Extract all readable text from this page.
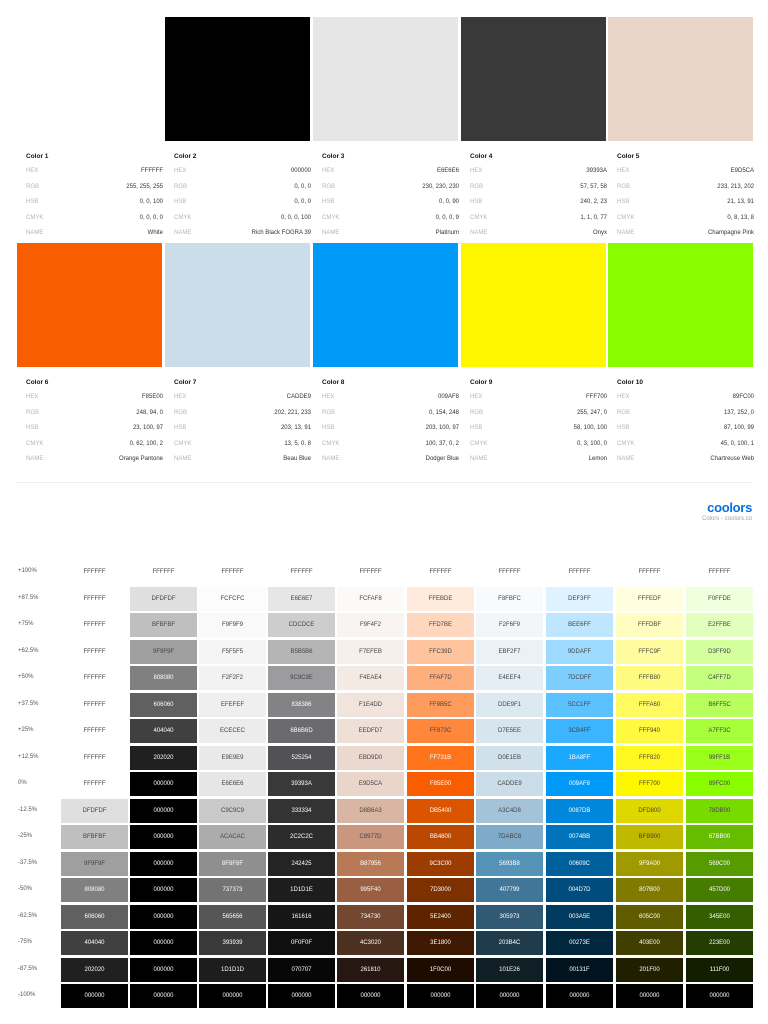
Color 1
HEX	FFFFFF
RGB	255, 255, 255
HSB	0, 0, 100
CMYK	0, 0, 0, 0
NAME	White
Color 2
HEX	000000
RGB	0, 0, 0
HSB	0, 0, 0
CMYK	0, 0, 0, 100
NAME	Rich Black FOGRA 39
Color 3
HEX	E6E6E6
RGB	230, 230, 230
HSB	0, 0, 90
CMYK	0, 0, 0, 9
NAME	Platinum
Color 4
HEX	39393A
RGB	57, 57, 58
HSB	240, 2, 23
CMYK	1, 1, 0, 77
NAME	Onyx
Color 5
HEX	E9D5CA
RGB	233, 213, 202
HSB	21, 13, 91
CMYK	0, 8, 13, 8
NAME	Champagne Pink
Color 6
HEX	F85E00
RGB	248, 94, 0
HSB	23, 100, 97
CMYK	0, 62, 100, 2
NAME	Orange Pantone
Color 7
HEX	CADDE9
RGB	202, 221, 233
HSB	203, 13, 91
CMYK	13, 5, 0, 8
NAME	Beau Blue
Color 8
HEX	009AF8
RGB	0, 154, 248
HSB	203, 100, 97
CMYK	100, 37, 0, 2
NAME	Dodger Blue
Color 9
HEX	FFF700
RGB	255, 247, 0
HSB	58, 100, 100
CMYK	0, 3, 100, 0
NAME	Lemon
Color 10
HEX	89FC00
RGB	137, 252, 0
HSB	87, 100, 99
CMYK	45, 0, 100, 1
NAME	Chartreuse Web
coolors
Colors - coolors.co
+100%	FFFFFF	FFFFFF	FFFFFF	FFFFFF	FFFFFF	FFFFFF	FFFFFF	FFFFFF	FFFFFF	FFFFFF
+87.5%	FFFFFF	DFDFDF	FCFCFC	E6E6E7	FCFAF8	FFEBDE	F8FBFC	DEF3FF	FFFEDF	F0FFDE
+75%	FFFFFF	BFBFBF	F9F9F9	CDCDCE	F9F4F2	FFD7BE	F2F6F9	BEE6FF	FFFDBF	E2FFBE
+62.5%	FFFFFF	9F9F9F	F5F5F5	B5B5B6	F7EFEB	FFC39D	EBF2F7	9DDAFF	FFFC9F	D3FF9D
+50%	FFFFFF	808080	F2F2F2	9C9C9E	F4EAE4	FFAF7D	E4EEF4	7DCDFF	FFFB80	C4FF7D
+37.5%	FFFFFF	606060	EFEFEF	838386	F1E4DD	FF9B5C	DDE9F1	5CC1FF	FFFA60	B6FF5C
+25%	FFFFFF	404040	ECECEC	6B6B6D	EEDFD7	FF873C	D7E5EE	3CB4FF	FFF940	A7FF3C
+12.5%	FFFFFF	202020	E9E9E9	525254	EBD9D0	FF731B	D0E1EB	1BA8FF	FFF820	99FF1B
0%	FFFFFF	000000	E6E6E6	39393A	E9D5CA	F85E00	CADDE9	009AF8	FFF700	89FC00
-12.5%	DFDFDF	000000	C9C9C9	333334	D8B6A3	DB5400	A3C4D8	0087DB	DFD800	78DB00
-25%	BFBFBF	000000	ACACAC	2C2C2C	C8977D	BB4800	7DABC8	0074BB	BFB900	67BB00
-37.5%	9F9F9F	000000	8F8F8F	242425	B87956	9C3C00	5693B8	00609C	9F9A00	569C00
-50%	808080	000000	737373	1D1D1E	995F40	7D3000	407799	004D7D	807B00	457D00
-62.5%	606060	000000	565656	161616	734730	5E2400	305973	003A5E	605C00	345E00
-75%	404040	000000	393939	0F0F0F	4C3020	3E1800	203B4C	00273E	403E00	223E00
-87.5%	202020	000000	1D1D1D	070707	261810	1F0C00	101E26	00131F	201F00	111F00
-100%	000000	000000	000000	000000	000000	000000	000000	000000	000000	000000
